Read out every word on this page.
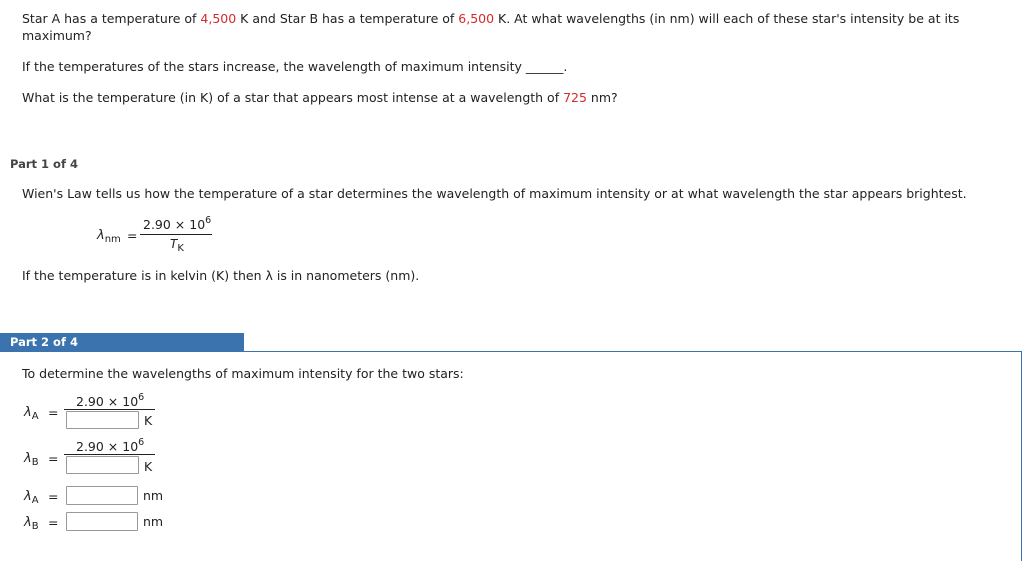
Star A has a temperature of 4,500 K and Star B has a temperature of 6,500 K. At what wavelengths (in nm) will each of these star's intensity be at its
maximum?
If the temperatures of the stars increase, the wavelength of maximum intensity ______.
What is the temperature (in K) of a star that appears most intense at a wavelength of 725 nm?
Part 1 of 4
Wien's Law tells us how the temperature of a star determines the wavelength of maximum intensity or at what wavelength the star appears brightest.
$\lambda_{nm}$ =
$2.90 \times 10^6$
$T_K$
If the temperature is in kelvin (K) then λ is in nanometers (nm).
Part 2 of 4
To determine the wavelengths of maximum intensity for the two stars:
$\lambda_A$ =
$2.90 \times 10^6$
K
$\lambda_B$ =
$2.90 \times 10^6$
K
$\lambda_A$ =	nm
$\lambda_B$ =	nm
